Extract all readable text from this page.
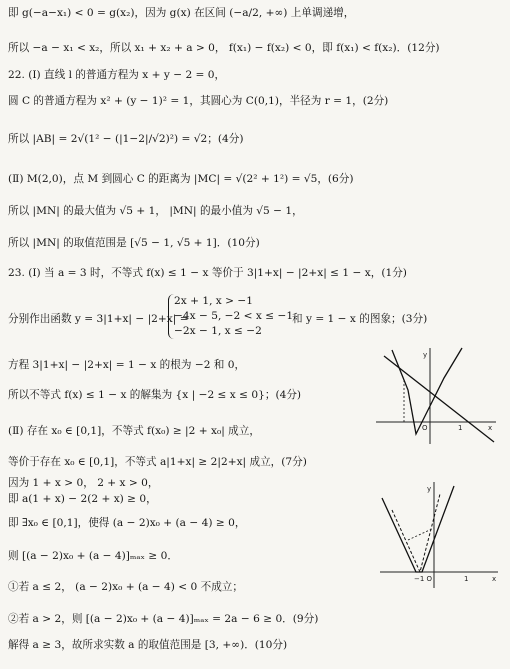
即 g(−a−x₁) < 0 = g(x₂)，因为 g(x) 在区间 (−a/2, +∞) 上单调递增，
所以 −a − x₁ < x₂，所以 x₁ + x₂ + a > 0， f(x₁) − f(x₂) < 0，即 f(x₁) < f(x₂)．(12分)
22. (Ⅰ) 直线 l 的普通方程为 x + y − 2 = 0，
圆 C 的普通方程为 x² + (y − 1)² = 1，其圆心为 C(0,1)，半径为 r = 1，(2分)
所以 |AB| = 2√(1² − (|1−2|/√2)²) = √2；(4分)
(Ⅱ) M(2,0)，点 M 到圆心 C 的距离为 |MC| = √(2² + 1²) = √5，(6分)
所以 |MN| 的最大值为 √5 + 1， |MN| 的最小值为 √5 − 1，
所以 |MN| 的取值范围是 [√5 − 1, √5 + 1]．(10分)
23. (Ⅰ) 当 a = 3 时，不等式 f(x) ≤ 1 − x 等价于 3|1+x| − |2+x| ≤ 1 − x，(1分)
分别作出函数 y = 3|1+x| − |2+x| =	和 y = 1 − x 的图象；(3分)
方程 3|1+x| − |2+x| = 1 − x 的根为 −2 和 0，
所以不等式 f(x) ≤ 1 − x 的解集为 {x | −2 ≤ x ≤ 0}；(4分)
(Ⅱ) 存在 x₀ ∈ [0,1]，不等式 f(x₀) ≥ |2 + x₀| 成立，
等价于存在 x₀ ∈ [0,1]，不等式 a|1+x| ≥ 2|2+x| 成立，(7分)
因为 1 + x > 0， 2 + x > 0，
即 a(1 + x) − 2(2 + x) ≥ 0，
即 ∃x₀ ∈ [0,1]，使得 (a − 2)x₀ + (a − 4) ≥ 0，
则 [(a − 2)x₀ + (a − 4)]ₘₐₓ ≥ 0．
①若 a ≤ 2， (a − 2)x₀ + (a − 4) < 0 不成立；
②若 a > 2，则 [(a − 2)x₀ + (a − 4)]ₘₐₓ = 2a − 6 ≥ 0．(9分)
解得 a ≥ 3，故所求实数 a 的取值范围是 [3, +∞)．(10分)
2x + 1, x > −1
−4x − 5, −2 < x ≤ −1
−2x − 1, x ≤ −2
y
O	1	x
y
−1 O	1	x
